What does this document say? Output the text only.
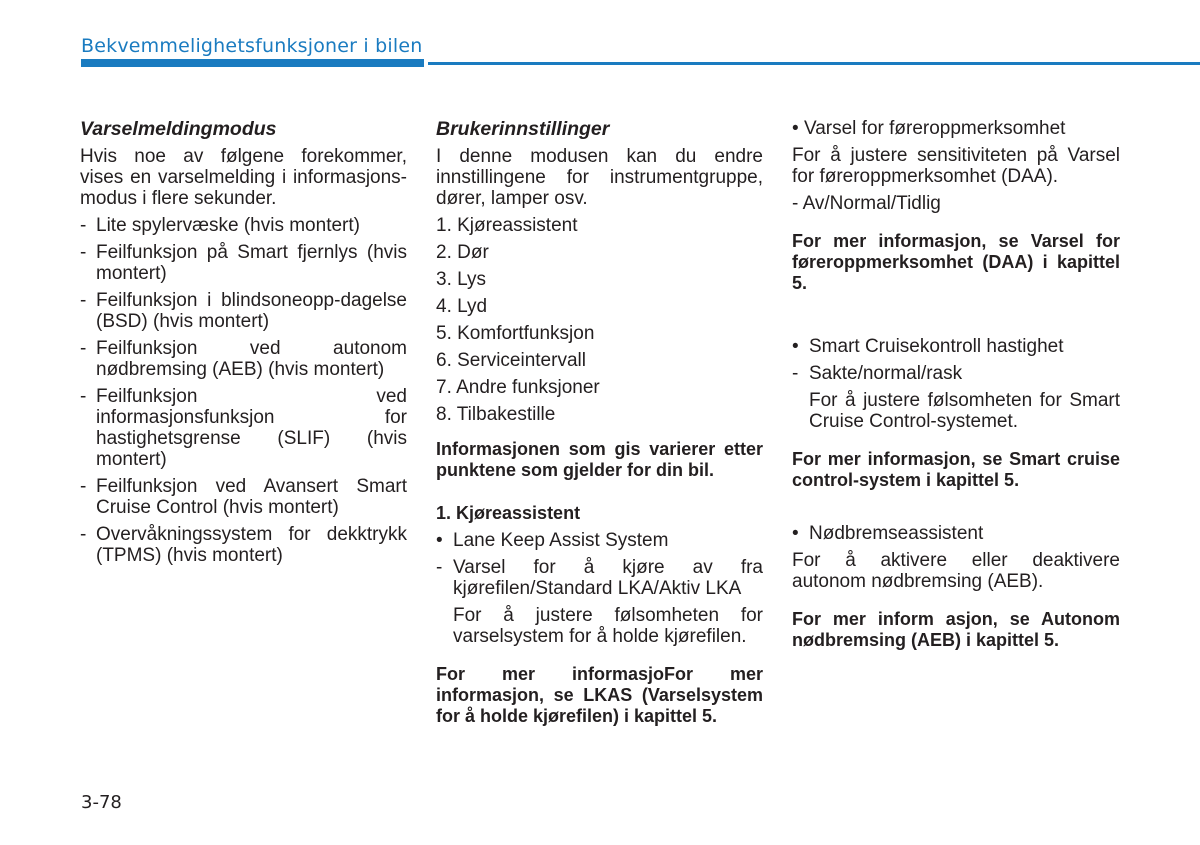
Bekvemmelighetsfunksjoner i bilen

Varselmeldingmodus

Hvis noe av følgene forekommer, vises en varselmelding i informasjons-modus i flere sekunder.

- Lite spylervæske (hvis montert)
- Feilfunksjon på Smart fjernlys (hvis montert)
- Feilfunksjon i blindsoneopp-dagelse (BSD) (hvis montert)
- Feilfunksjon ved autonom nødbremsing (AEB) (hvis montert)
- Feilfunksjon ved informasjonsfunksjon for hastighetsgrense (SLIF) (hvis montert)
- Feilfunksjon ved Avansert Smart Cruise Control (hvis montert)
- Overvåkningssystem for dekktrykk (TPMS) (hvis montert)

Brukerinnstillinger

I denne modusen kan du endre innstillingene for instrumentgruppe, dører, lamper osv.

1. Kjøreassistent

2. Dør

3. Lys

4. Lyd

5. Komfortfunksjon

6. Serviceintervall

7. Andre funksjoner

8. Tilbakestille

Informasjonen som gis varierer etter punktene som gjelder for din bil.

1. Kjøreassistent

• Lane Keep Assist System
- Varsel for å kjøre av fra kjørefilen/Standard LKA/Aktiv LKA

For å justere følsomheten for varselsystem for å holde kjørefilen.

For mer informasjoFor mer informasjon, se LKAS (Varselsystem for å holde kjørefilen) i kapittel 5.

• Varsel for føreroppmerksomhet

For å justere sensitiviteten på Varsel for føreroppmerksomhet (DAA).

- Av/Normal/Tidlig

For mer informasjon, se Varsel for føreroppmerksomhet (DAA) i kapittel 5.

• Smart Cruisekontroll hastighet
- Sakte/normal/rask

For å justere følsomheten for Smart Cruise Control-systemet.

For mer informasjon, se Smart cruise control-system i kapittel 5.

• Nødbremseassistent

For å aktivere eller deaktivere autonom nødbremsing (AEB).

For mer inform asjon, se Autonom nødbremsing (AEB) i kapittel 5.

3-78
